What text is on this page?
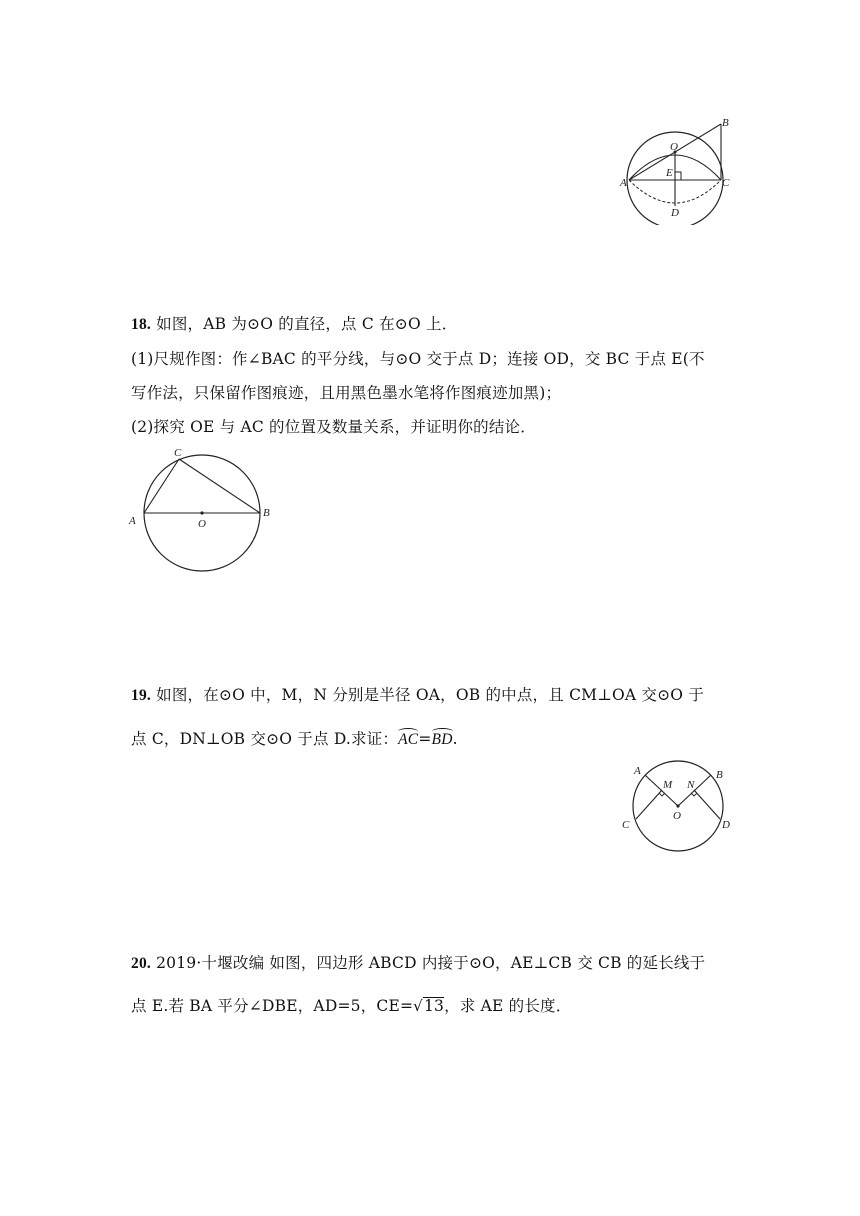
B
O
E
A	C
D
18. 如图，AB 为⊙O 的直径，点 C 在⊙O 上．
(1)尺规作图：作∠BAC 的平分线，与⊙O 交于点 D；连接 OD，交 BC 于点 E(不
写作法，只保留作图痕迹，且用黑色墨水笔将作图痕迹加黑)；
(2)探究 OE 与 AC 的位置及数量关系，并证明你的结论．
C
A	O
B
19. 如图，在⊙O 中，M，N 分别是半径 OA，OB 的中点，且 CM⊥OA 交⊙O 于
点 C，DN⊥OB 交⊙O 于点 D.求证：AC=BD.
A
M N
B
O
C	D
20. 2019·十堰改编 如图，四边形 ABCD 内接于⊙O，AE⊥CB 交 CB 的延长线于
点 E.若 BA 平分∠DBE，AD=5，CE=√13，求 AE 的长度．
